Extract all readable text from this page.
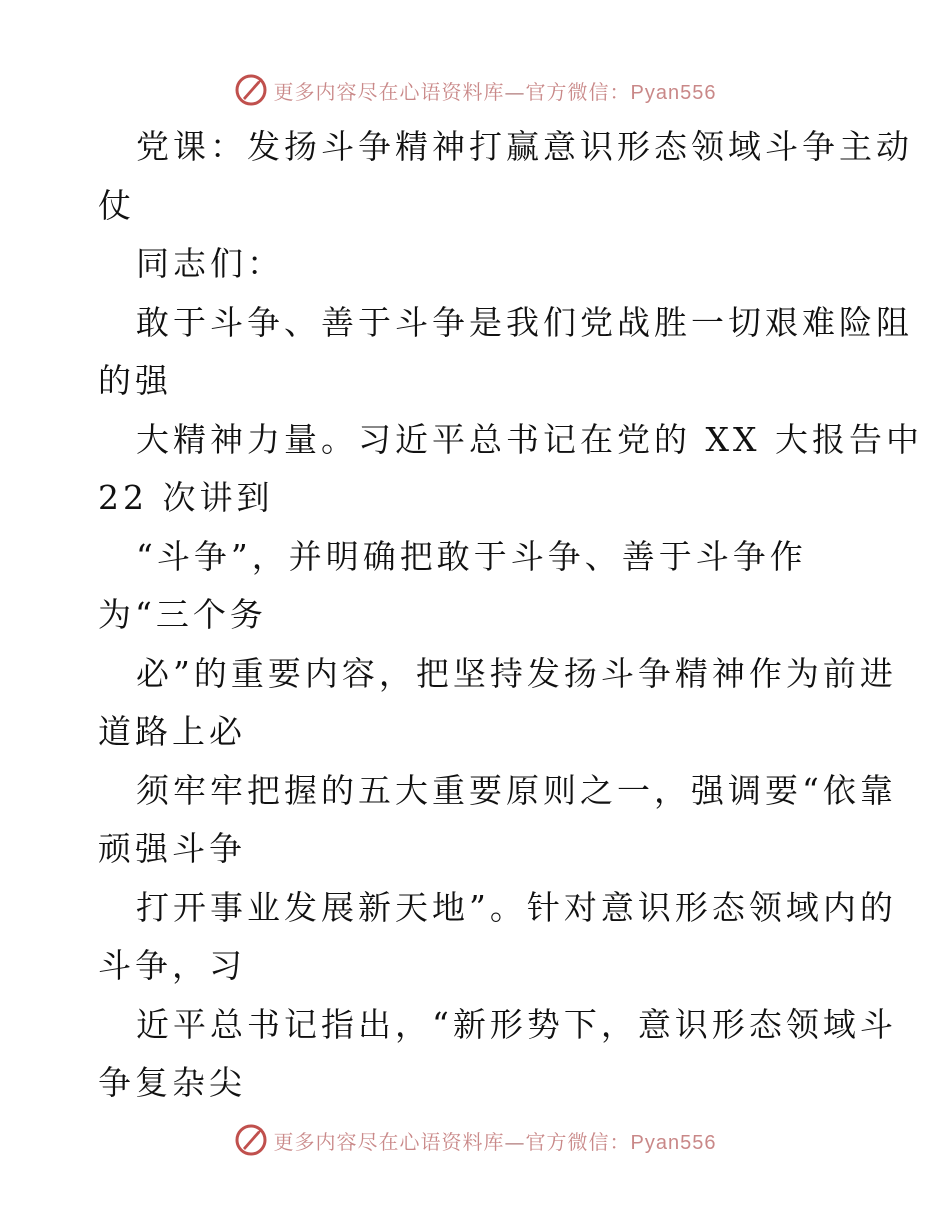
更多内容尽在心语资料库—官方微信：Pyan556
党课：发扬斗争精神打赢意识形态领域斗争主动
仗
同志们：
敢于斗争、善于斗争是我们党战胜一切艰难险阻
的强
大精神力量。习近平总书记在党的 XX 大报告中
22 次讲到
“斗争”，并明确把敢于斗争、善于斗争作
为“三个务
必”的重要内容，把坚持发扬斗争精神作为前进
道路上必
须牢牢把握的五大重要原则之一，强调要“依靠
顽强斗争
打开事业发展新天地”。针对意识形态领域内的
斗争，习
近平总书记指出，“新形势下，意识形态领域斗
争复杂尖
更多内容尽在心语资料库—官方微信：Pyan556
